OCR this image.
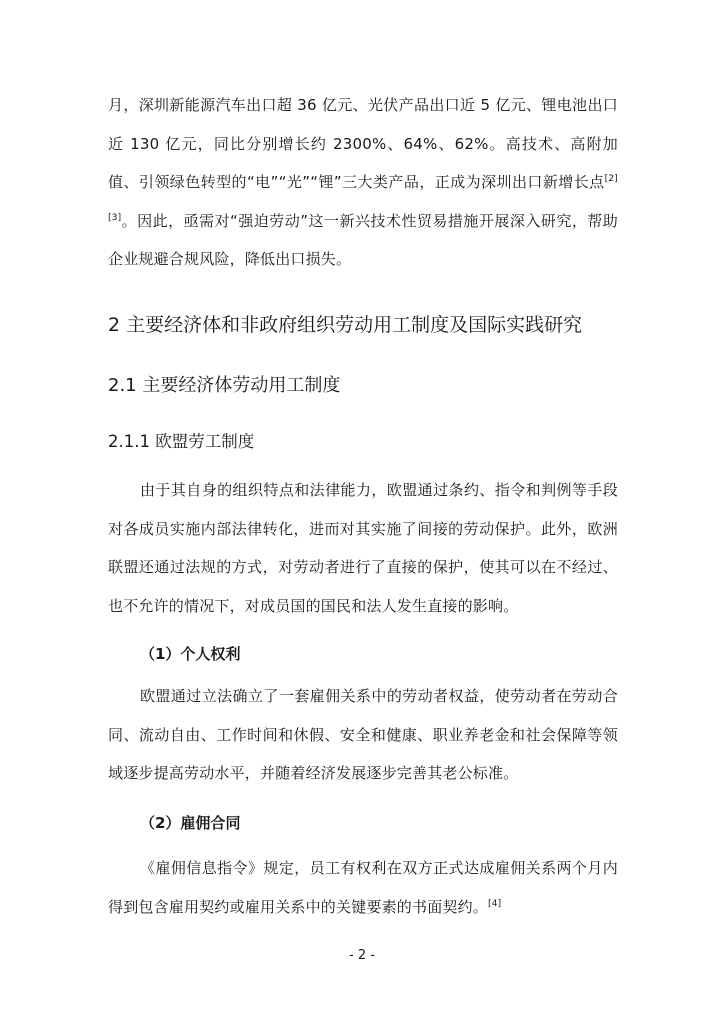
月，深圳新能源汽车出口超 36 亿元、光伏产品出口近 5 亿元、锂电池出口近 130 亿元，同比分别增长约 2300%、64%、62%。高技术、高附加值、引领绿色转型的“电”“光”“锂”三大类产品，正成为深圳出口新增长点[2][3]。因此，亟需对“强迫劳动”这一新兴技术性贸易措施开展深入研究，帮助企业规避合规风险，降低出口损失。

2 主要经济体和非政府组织劳动用工制度及国际实践研究
2.1 主要经济体劳动用工制度
2.1.1 欧盟劳工制度

由于其自身的组织特点和法律能力，欧盟通过条约、指令和判例等手段对各成员实施内部法律转化，进而对其实施了间接的劳动保护。此外，欧洲联盟还通过法规的方式，对劳动者进行了直接的保护，使其可以在不经过、也不允许的情况下，对成员国的国民和法人发生直接的影响。

（1）个人权利

欧盟通过立法确立了一套雇佣关系中的劳动者权益，使劳动者在劳动合同、流动自由、工作时间和休假、安全和健康、职业养老金和社会保障等领域逐步提高劳动水平，并随着经济发展逐步完善其老公标准。

（2）雇佣合同

《雇佣信息指令》规定，员工有权利在双方正式达成雇佣关系两个月内得到包含雇用契约或雇用关系中的关键要素的书面契约。[4]

- 2 -
